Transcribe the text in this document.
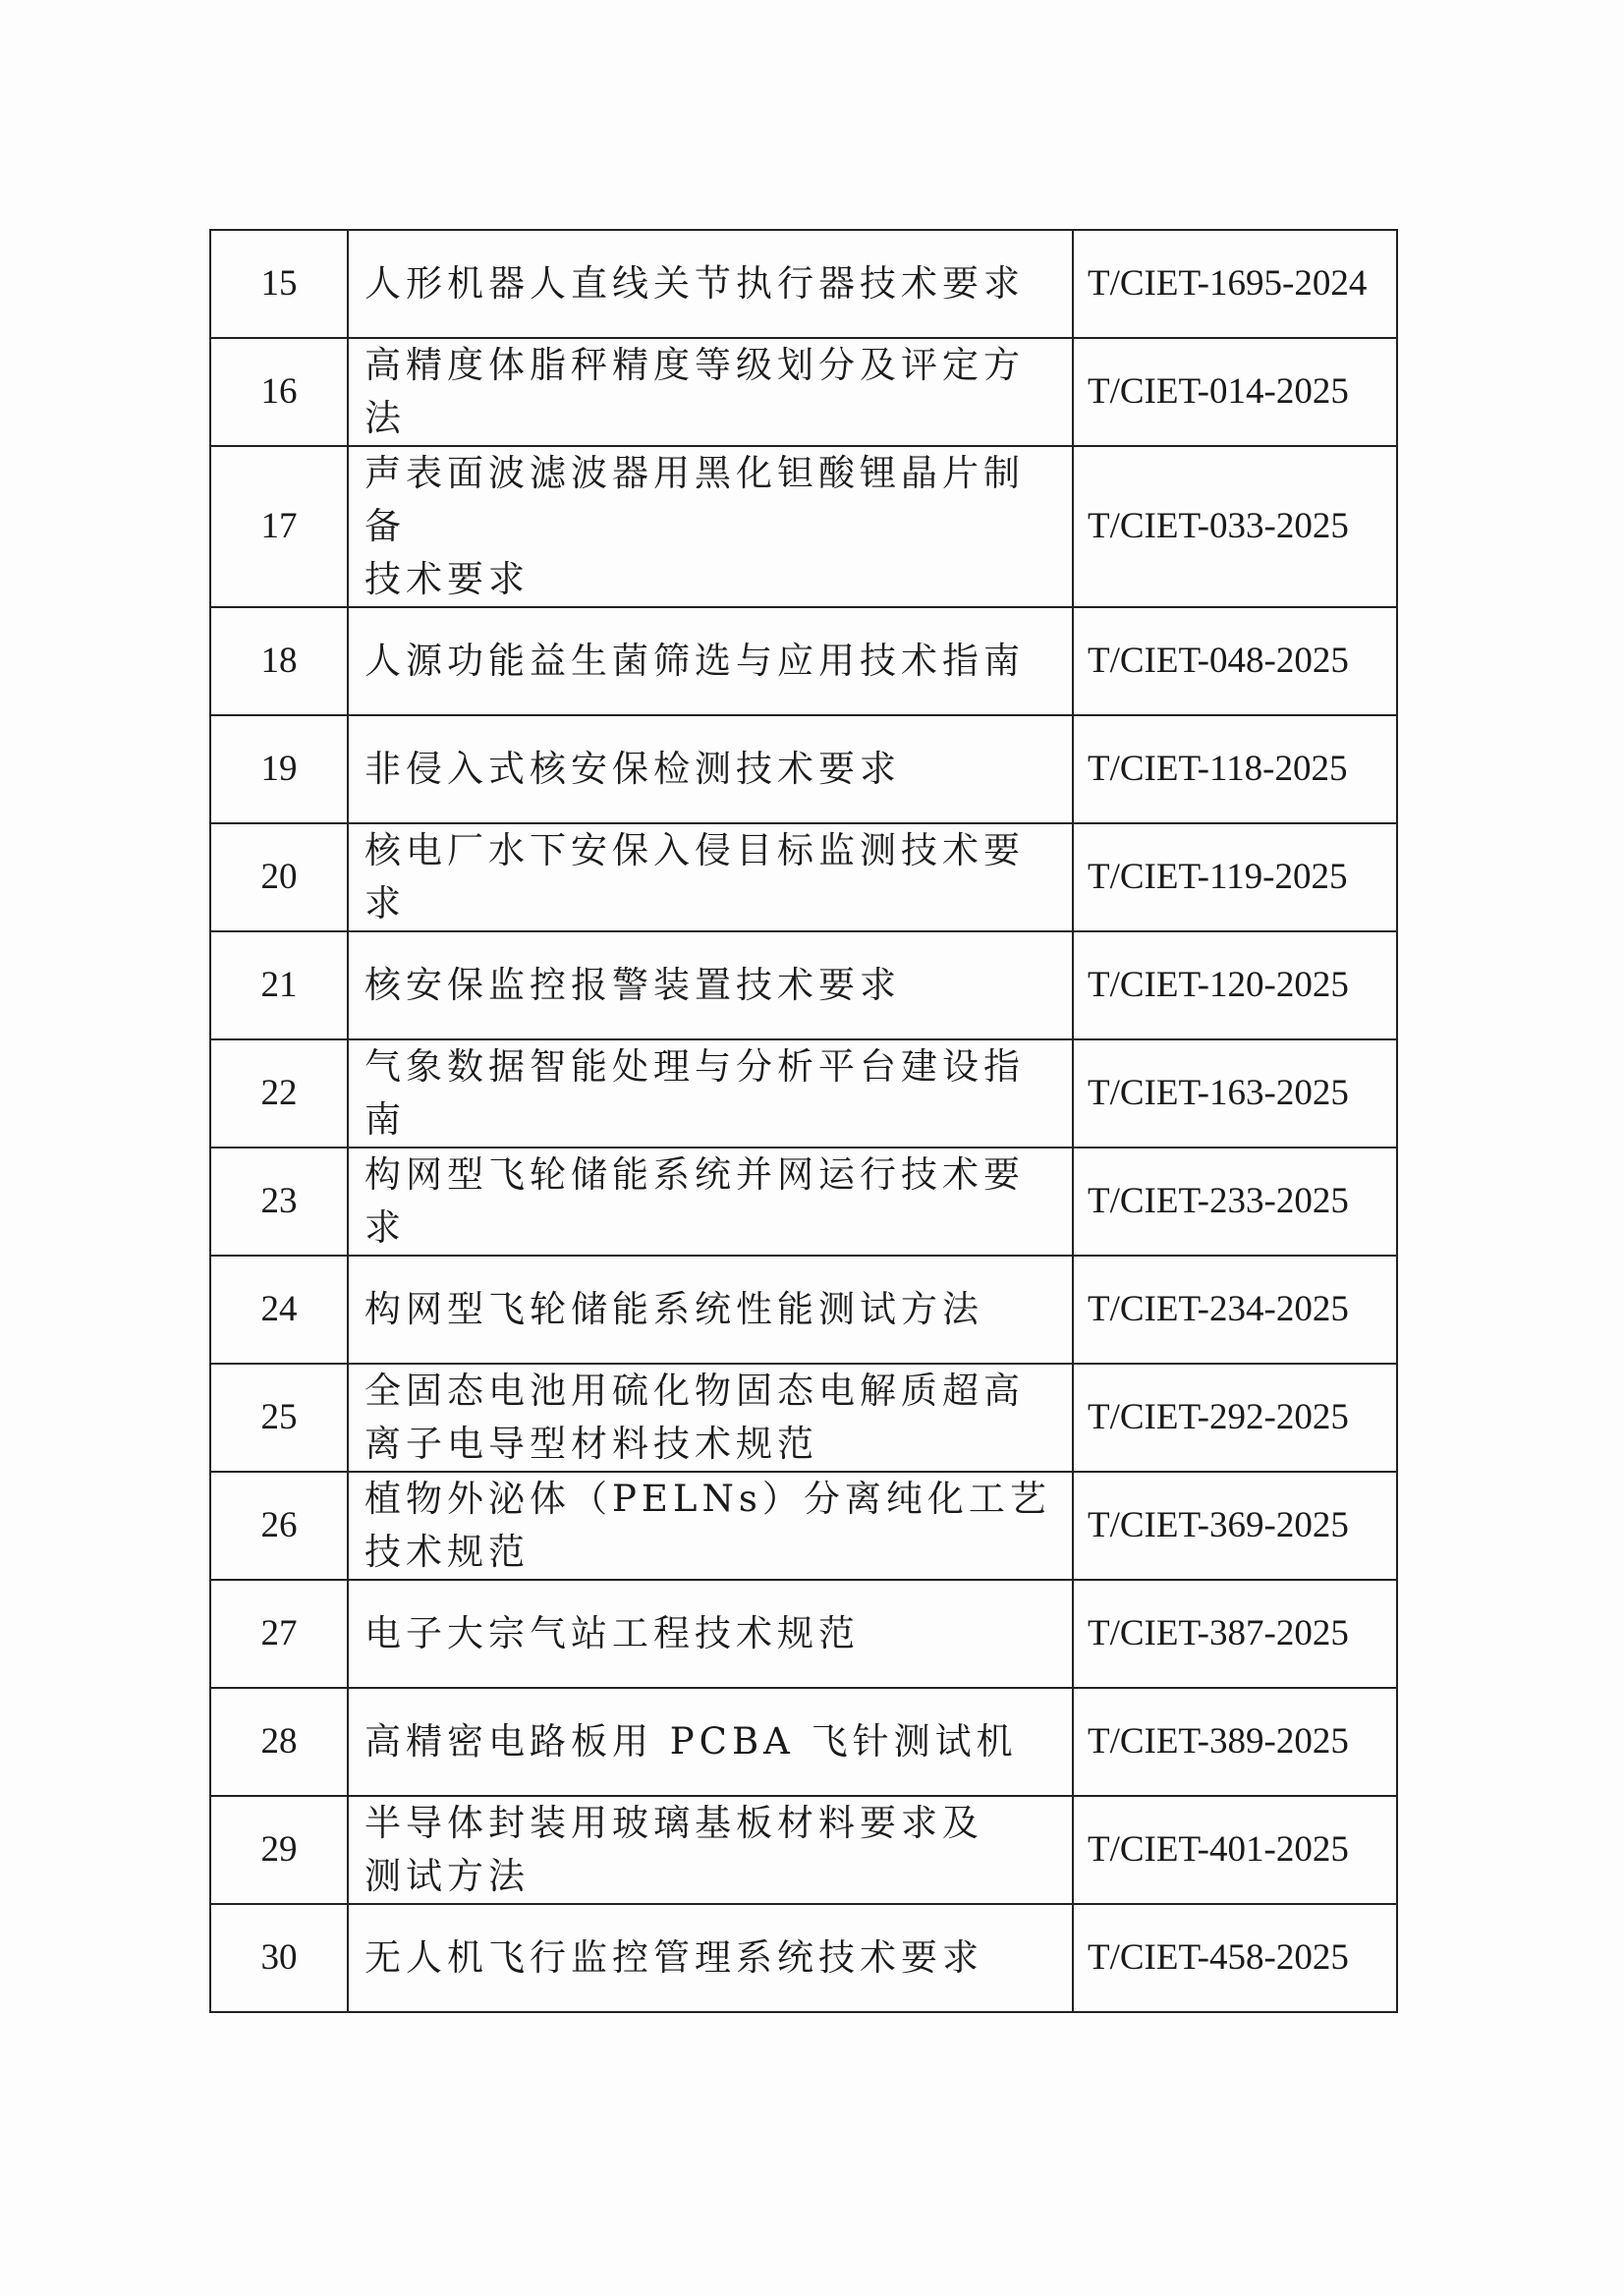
15	人形机器人直线关节执行器技术要求	T/CIET-1695-2024
16	高精度体脂秤精度等级划分及评定方法	T/CIET-014-2025
17	声表面波滤波器用黑化钽酸锂晶片制备
技术要求	T/CIET-033-2025
18	人源功能益生菌筛选与应用技术指南	T/CIET-048-2025
19	非侵入式核安保检测技术要求	T/CIET-118-2025
20	核电厂水下安保入侵目标监测技术要求	T/CIET-119-2025
21	核安保监控报警装置技术要求	T/CIET-120-2025
22	气象数据智能处理与分析平台建设指南	T/CIET-163-2025
23	构网型飞轮储能系统并网运行技术要求	T/CIET-233-2025
24	构网型飞轮储能系统性能测试方法	T/CIET-234-2025
25	全固态电池用硫化物固态电解质超高
离子电导型材料技术规范	T/CIET-292-2025
26	植物外泌体（PELNs）分离纯化工艺
技术规范	T/CIET-369-2025
27	电子大宗气站工程技术规范	T/CIET-387-2025
28	高精密电路板用 PCBA 飞针测试机	T/CIET-389-2025
29	半导体封装用玻璃基板材料要求及
测试方法	T/CIET-401-2025
30	无人机飞行监控管理系统技术要求	T/CIET-458-2025
